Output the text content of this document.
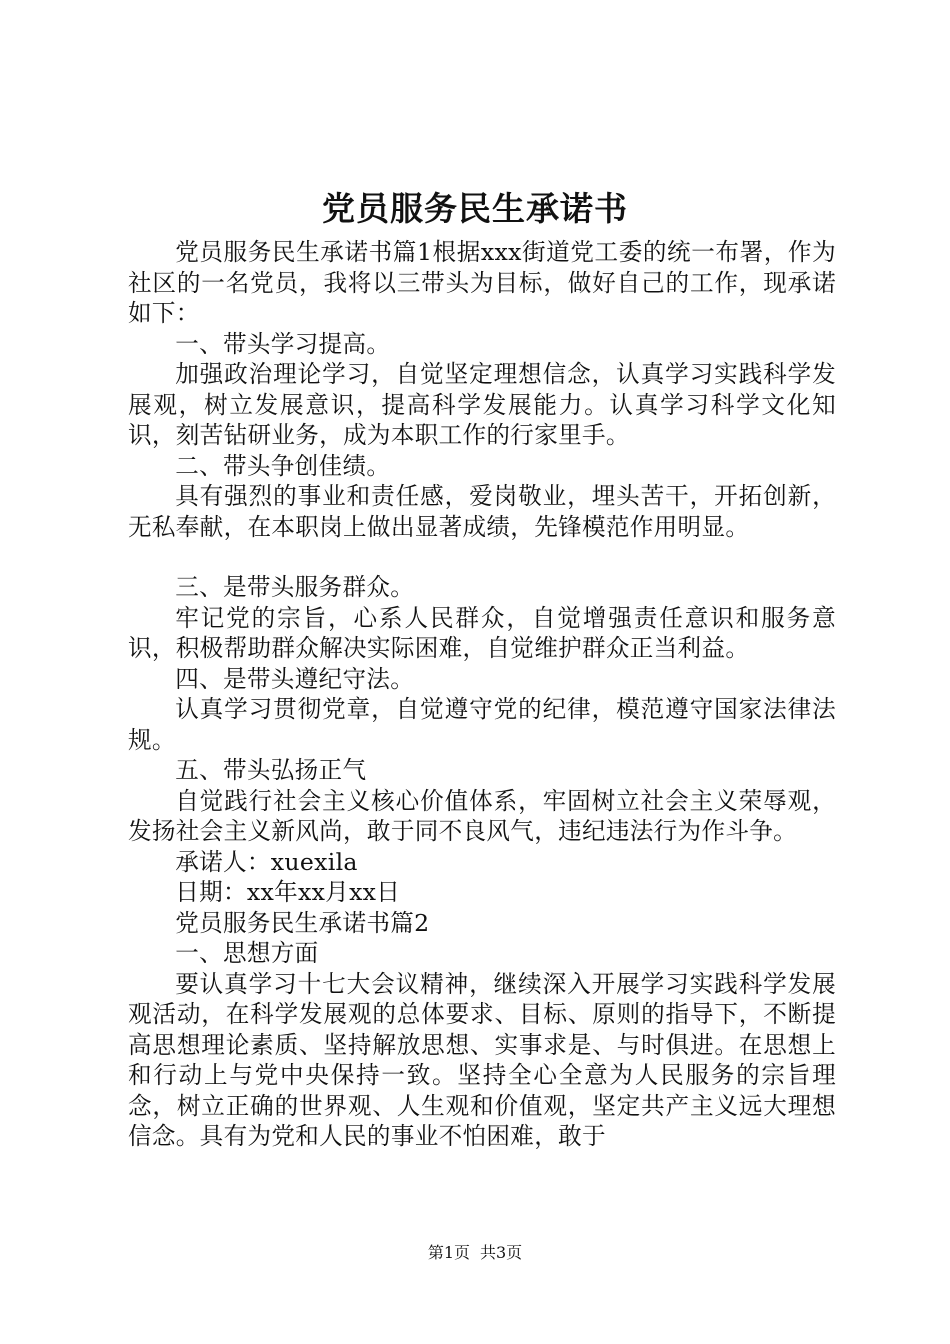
党员服务民生承诺书

党员服务民生承诺书篇1根据xxx街道党工委的统一布署，作为社区的一名党员，我将以三带头为目标，做好自己的工作，现承诺如下：

一、带头学习提高。

加强政治理论学习，自觉坚定理想信念，认真学习实践科学发展观，树立发展意识，提高科学发展能力。认真学习科学文化知识，刻苦钻研业务，成为本职工作的行家里手。

二、带头争创佳绩。

具有强烈的事业和责任感，爱岗敬业，埋头苦干，开拓创新，无私奉献，在本职岗上做出显著成绩，先锋模范作用明显。

三、是带头服务群众。

牢记党的宗旨，心系人民群众，自觉增强责任意识和服务意识，积极帮助群众解决实际困难，自觉维护群众正当利益。

四、是带头遵纪守法。

认真学习贯彻党章，自觉遵守党的纪律，模范遵守国家法律法规。

五、带头弘扬正气

自觉践行社会主义核心价值体系，牢固树立社会主义荣辱观，发扬社会主义新风尚，敢于同不良风气，违纪违法行为作斗争。

承诺人：xuexila

日期：xx年xx月xx日

党员服务民生承诺书篇2

一、思想方面

要认真学习十七大会议精神，继续深入开展学习实践科学发展观活动，在科学发展观的总体要求、目标、原则的指导下，不断提高思想理论素质、坚持解放思想、实事求是、与时俱进。在思想上和行动上与党中央保持一致。坚持全心全意为人民服务的宗旨理念，树立正确的世界观、人生观和价值观，坚定共产主义远大理想信念。具有为党和人民的事业不怕困难，敢于

第1页 共3页
